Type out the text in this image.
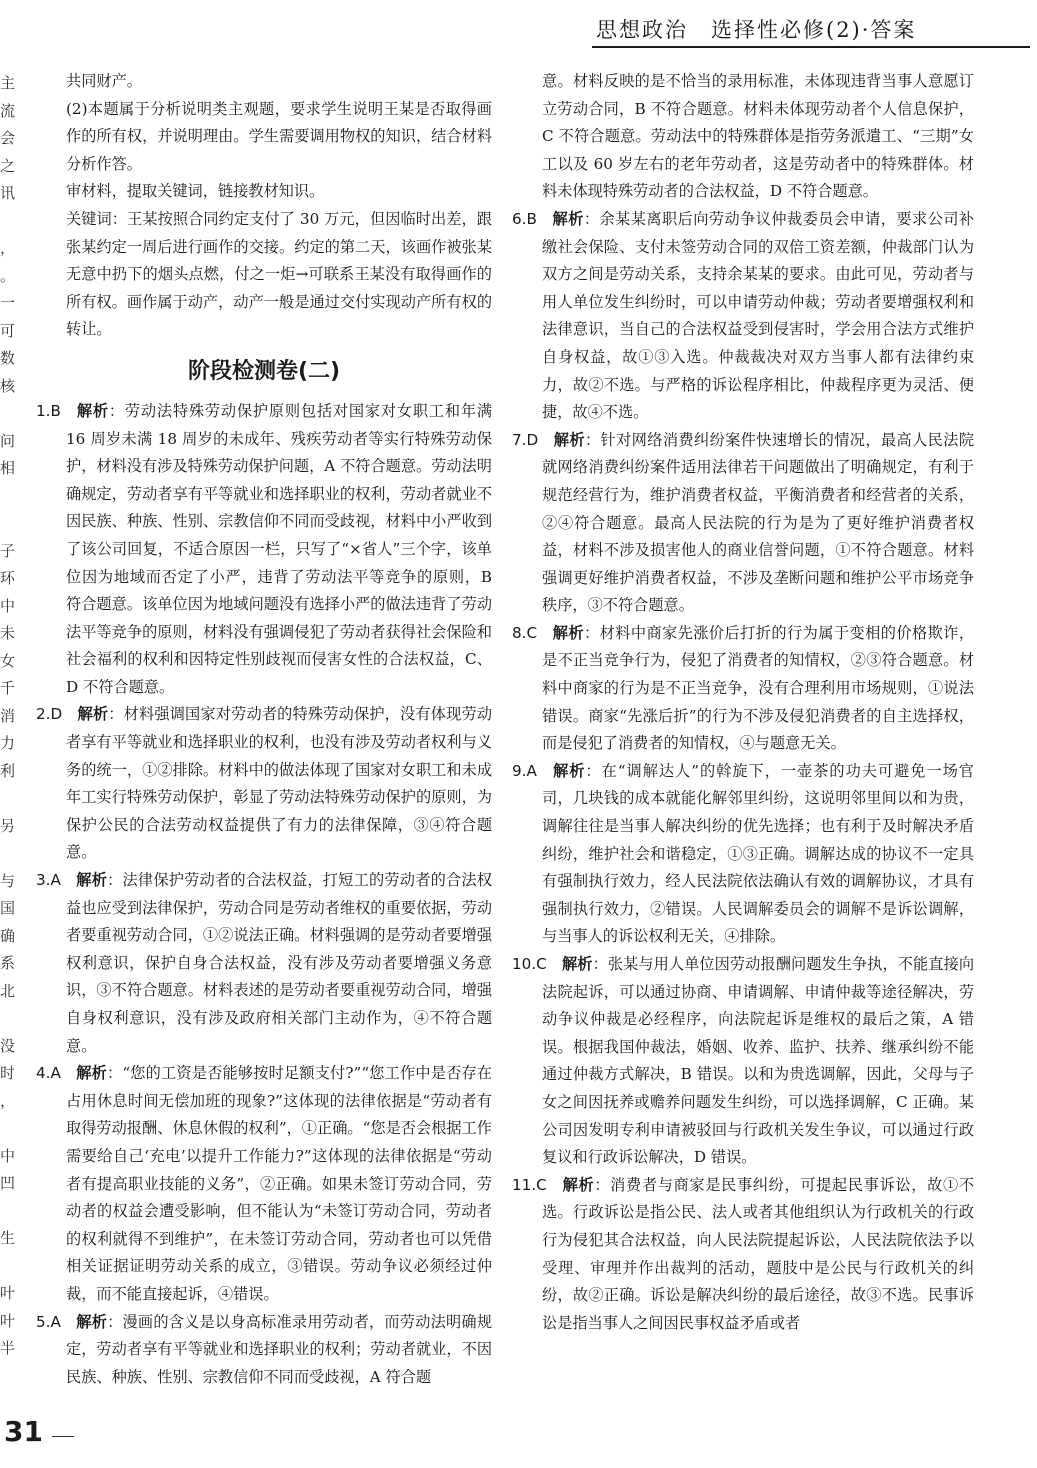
思想政治　选择性必修(2)·答案
主
流
会
之
讯
，
。
一
可
数
核
问
相
子
环
中
未
女
千
消
力
利
另
与
国
确
系
北
没
时
，
中
凹
生
叶
叶
半

共同财产。

(2)本题属于分析说明类主观题，要求学生说明王某是否取得画作的所有权，并说明理由。学生需要调用物权的知识，结合材料分析作答。

审材料，提取关键词，链接教材知识。

关键词：王某按照合同约定支付了 30 万元，但因临时出差，跟张某约定一周后进行画作的交接。约定的第二天，该画作被张某无意中扔下的烟头点燃，付之一炬→可联系王某没有取得画作的所有权。画作属于动产，动产一般是通过交付实现动产所有权的转让。

阶段检测卷(二)

1.B  解析：劳动法特殊劳动保护原则包括对国家对女职工和年满 16 周岁未满 18 周岁的未成年、残疾劳动者等实行特殊劳动保护，材料没有涉及特殊劳动保护问题，A 不符合题意。劳动法明确规定，劳动者享有平等就业和选择职业的权利，劳动者就业不因民族、种族、性别、宗教信仰不同而受歧视，材料中小严收到了该公司回复，不适合原因一栏，只写了“×省人”三个字，该单位因为地域而否定了小严，违背了劳动法平等竞争的原则，B 符合题意。该单位因为地域问题没有选择小严的做法违背了劳动法平等竞争的原则，材料没有强调侵犯了劳动者获得社会保险和社会福利的权利和因特定性别歧视而侵害女性的合法权益，C、D 不符合题意。

2.D  解析：材料强调国家对劳动者的特殊劳动保护，没有体现劳动者享有平等就业和选择职业的权利，也没有涉及劳动者权利与义务的统一，①②排除。材料中的做法体现了国家对女职工和未成年工实行特殊劳动保护，彰显了劳动法特殊劳动保护的原则，为保护公民的合法劳动权益提供了有力的法律保障，③④符合题意。

3.A  解析：法律保护劳动者的合法权益，打短工的劳动者的合法权益也应受到法律保护，劳动合同是劳动者维权的重要依据，劳动者要重视劳动合同，①②说法正确。材料强调的是劳动者要增强权利意识，保护自身合法权益，没有涉及劳动者要增强义务意识，③不符合题意。材料表述的是劳动者要重视劳动合同，增强自身权利意识，没有涉及政府相关部门主动作为，④不符合题意。

4.A  解析：“您的工资是否能够按时足额支付?”“您工作中是否存在占用休息时间无偿加班的现象?”这体现的法律依据是“劳动者有取得劳动报酬、休息休假的权利”，①正确。“您是否会根据工作需要给自己‘充电’以提升工作能力?”这体现的法律依据是“劳动者有提高职业技能的义务”，②正确。如果未签订劳动合同，劳动者的权益会遭受影响，但不能认为“未签订劳动合同，劳动者的权利就得不到维护”，在未签订劳动合同，劳动者也可以凭借相关证据证明劳动关系的成立，③错误。劳动争议必须经过仲裁，而不能直接起诉，④错误。

5.A  解析：漫画的含义是以身高标准录用劳动者，而劳动法明确规定，劳动者享有平等就业和选择职业的权利；劳动者就业，不因民族、种族、性别、宗教信仰不同而受歧视，A 符合题

意。材料反映的是不恰当的录用标准，未体现违背当事人意愿订立劳动合同，B 不符合题意。材料未体现劳动者个人信息保护，C 不符合题意。劳动法中的特殊群体是指劳务派遣工、“三期”女工以及 60 岁左右的老年劳动者，这是劳动者中的特殊群体。材料未体现特殊劳动者的合法权益，D 不符合题意。

6.B  解析：余某某离职后向劳动争议仲裁委员会申请，要求公司补缴社会保险、支付未签劳动合同的双倍工资差额，仲裁部门认为双方之间是劳动关系，支持余某某的要求。由此可见，劳动者与用人单位发生纠纷时，可以申请劳动仲裁；劳动者要增强权利和法律意识，当自己的合法权益受到侵害时，学会用合法方式维护自身权益，故①③入选。仲裁裁决对双方当事人都有法律约束力，故②不选。与严格的诉讼程序相比，仲裁程序更为灵活、便捷，故④不选。

7.D  解析：针对网络消费纠纷案件快速增长的情况，最高人民法院就网络消费纠纷案件适用法律若干问题做出了明确规定，有利于规范经营行为，维护消费者权益，平衡消费者和经营者的关系，②④符合题意。最高人民法院的行为是为了更好维护消费者权益，材料不涉及损害他人的商业信誉问题，①不符合题意。材料强调更好维护消费者权益，不涉及垄断问题和维护公平市场竞争秩序，③不符合题意。

8.C  解析：材料中商家先涨价后打折的行为属于变相的价格欺诈，是不正当竞争行为，侵犯了消费者的知情权，②③符合题意。材料中商家的行为是不正当竞争，没有合理利用市场规则，①说法错误。商家“先涨后折”的行为不涉及侵犯消费者的自主选择权，而是侵犯了消费者的知情权，④与题意无关。

9.A  解析：在“调解达人”的斡旋下，一壶茶的功夫可避免一场官司，几块钱的成本就能化解邻里纠纷，这说明邻里间以和为贵，调解往往是当事人解决纠纷的优先选择；也有利于及时解决矛盾纠纷，维护社会和谐稳定，①③正确。调解达成的协议不一定具有强制执行效力，经人民法院依法确认有效的调解协议，才具有强制执行效力，②错误。人民调解委员会的调解不是诉讼调解，与当事人的诉讼权利无关，④排除。

10.C  解析：张某与用人单位因劳动报酬问题发生争执，不能直接向法院起诉，可以通过协商、申请调解、申请仲裁等途径解决，劳动争议仲裁是必经程序，向法院起诉是维权的最后之策，A 错误。根据我国仲裁法，婚姻、收养、监护、扶养、继承纠纷不能通过仲裁方式解决，B 错误。以和为贵选调解，因此，父母与子女之间因抚养或赡养问题发生纠纷，可以选择调解，C 正确。某公司因发明专利申请被驳回与行政机关发生争议，可以通过行政复议和行政诉讼解决，D 错误。

11.C  解析：消费者与商家是民事纠纷，可提起民事诉讼，故①不选。行政诉讼是指公民、法人或者其他组织认为行政机关的行政行为侵犯其合法权益，向人民法院提起诉讼，人民法院依法予以受理、审理并作出裁判的活动，题肢中是公民与行政机关的纠纷，故②正确。诉讼是解决纠纷的最后途径，故③不选。民事诉讼是指当事人之间因民事权益矛盾或者

31
